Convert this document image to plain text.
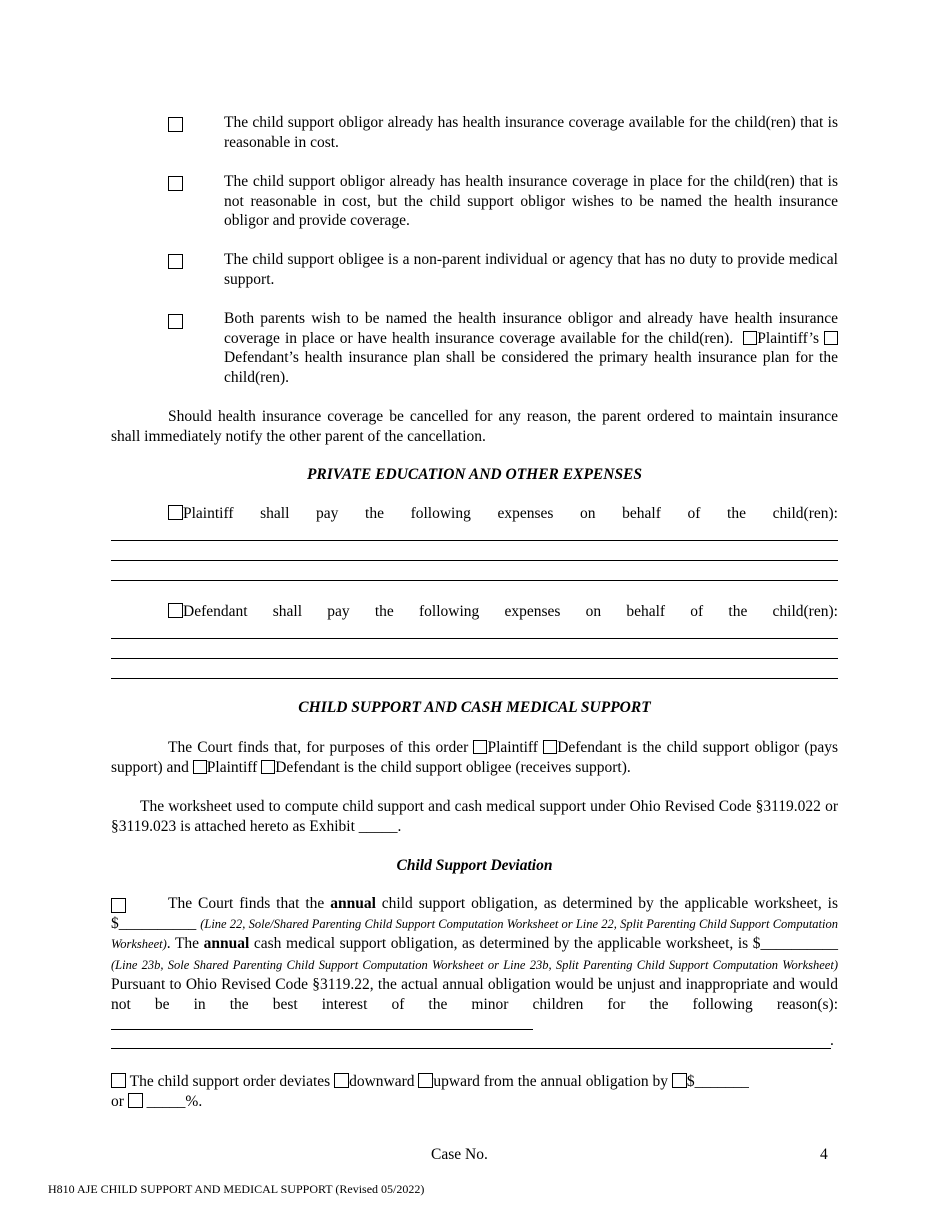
The child support obligor already has health insurance coverage available for the child(ren) that is reasonable in cost.
The child support obligor already has health insurance coverage in place for the child(ren) that is not reasonable in cost, but the child support obligor wishes to be named the health insurance obligor and provide coverage.
The child support obligee is a non-parent individual or agency that has no duty to provide medical support.
Both parents wish to be named the health insurance obligor and already have health insurance coverage in place or have health insurance coverage available for the child(ren). Plaintiff’s Defendant’s health insurance plan shall be considered the primary health insurance plan for the child(ren).
Should health insurance coverage be cancelled for any reason, the parent ordered to maintain insurance shall immediately notify the other parent of the cancellation.
PRIVATE EDUCATION AND OTHER EXPENSES
Plaintiff shall pay the following expenses on behalf of the child(ren):
Defendant shall pay the following expenses on behalf of the child(ren):
CHILD SUPPORT AND CASH MEDICAL SUPPORT
The Court finds that, for purposes of this order Plaintiff Defendant is the child support obligor (pays support) and Plaintiff Defendant is the child support obligee (receives support).
The worksheet used to compute child support and cash medical support under Ohio Revised Code §3119.022 or §3119.023 is attached hereto as Exhibit _____.
Child Support Deviation
The Court finds that the annual child support obligation, as determined by the applicable worksheet, is $__________ (Line 22, Sole/Shared Parenting Child Support Computation Worksheet or Line 22, Split Parenting Child Support Computation Worksheet). The annual cash medical support obligation, as determined by the applicable worksheet, is $__________ (Line 23b, Sole Shared Parenting Child Support Computation Worksheet or Line 23b, Split Parenting Child Support Computation Worksheet) Pursuant to Ohio Revised Code §3119.22, the actual annual obligation would be unjust and inappropriate and would not be in the best interest of the minor children for the following reason(s):
.
The child support order deviates downward upward from the annual obligation by $_______
or _____%.
Case No.	4
H810 AJE CHILD SUPPORT AND MEDICAL SUPPORT (Revised 05/2022)
